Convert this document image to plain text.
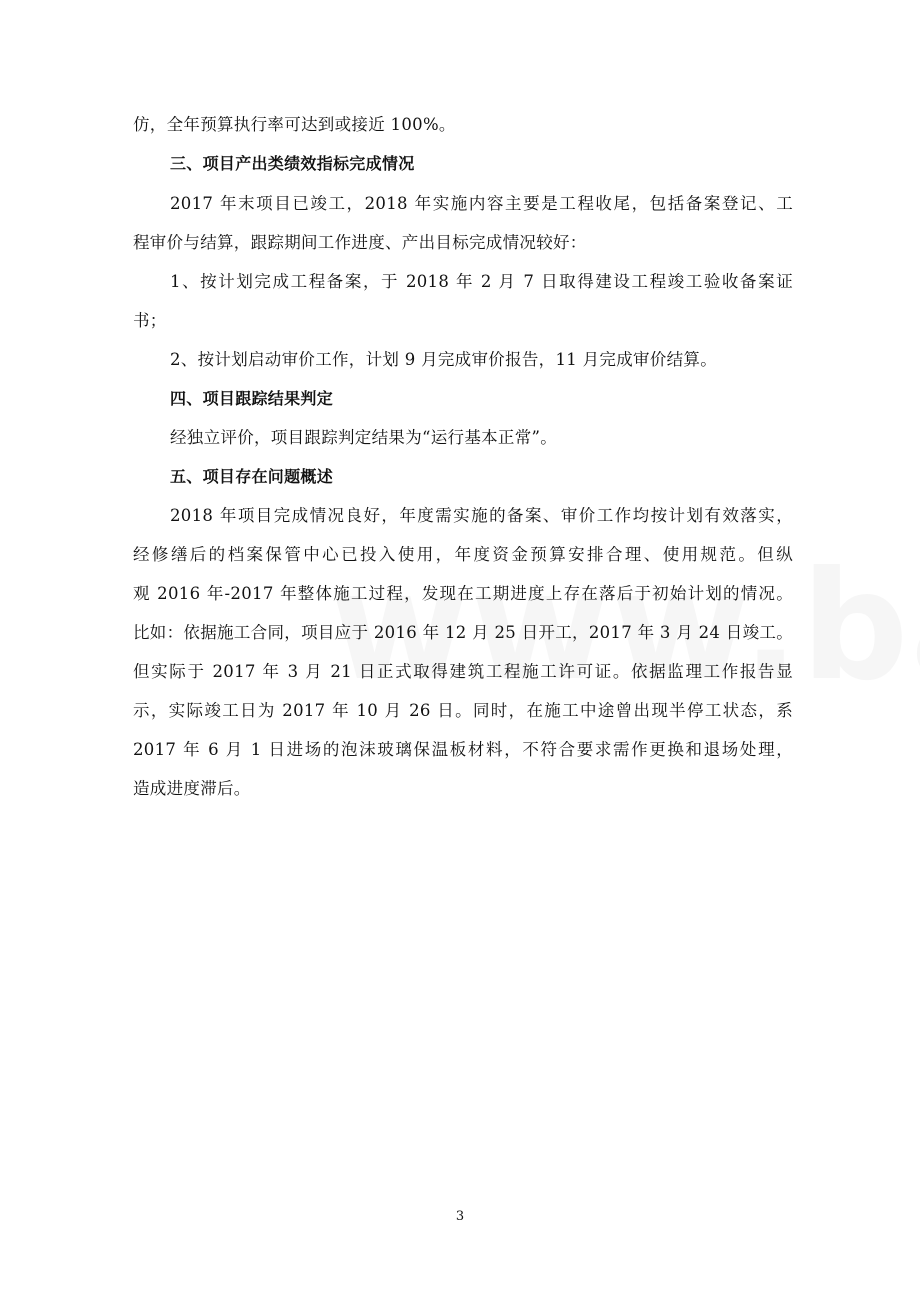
仿，全年预算执行率可达到或接近 100%。
三、项目产出类绩效指标完成情况
2017 年末项目已竣工，2018 年实施内容主要是工程收尾，包括备案登记、工
程审价与结算，跟踪期间工作进度、产出目标完成情况较好：
1、按计划完成工程备案，于 2018 年 2 月 7 日取得建设工程竣工验收备案证
书；
2、按计划启动审价工作，计划 9 月完成审价报告，11 月完成审价结算。
四、项目跟踪结果判定
经独立评价，项目跟踪判定结果为“运行基本正常”。
五、项目存在问题概述
2018 年项目完成情况良好，年度需实施的备案、审价工作均按计划有效落实，
经修缮后的档案保管中心已投入使用，年度资金预算安排合理、使用规范。但纵
观 2016 年-2017 年整体施工过程，发现在工期进度上存在落后于初始计划的情况。
比如：依据施工合同，项目应于 2016 年 12 月 25 日开工，2017 年 3 月 24 日竣工。
但实际于 2017 年 3 月 21 日正式取得建筑工程施工许可证。依据监理工作报告显
示，实际竣工日为 2017 年 10 月 26 日。同时，在施工中途曾出现半停工状态，系
2017 年 6 月 1 日进场的泡沫玻璃保温板材料，不符合要求需作更换和退场处理，
造成进度滞后。
3
